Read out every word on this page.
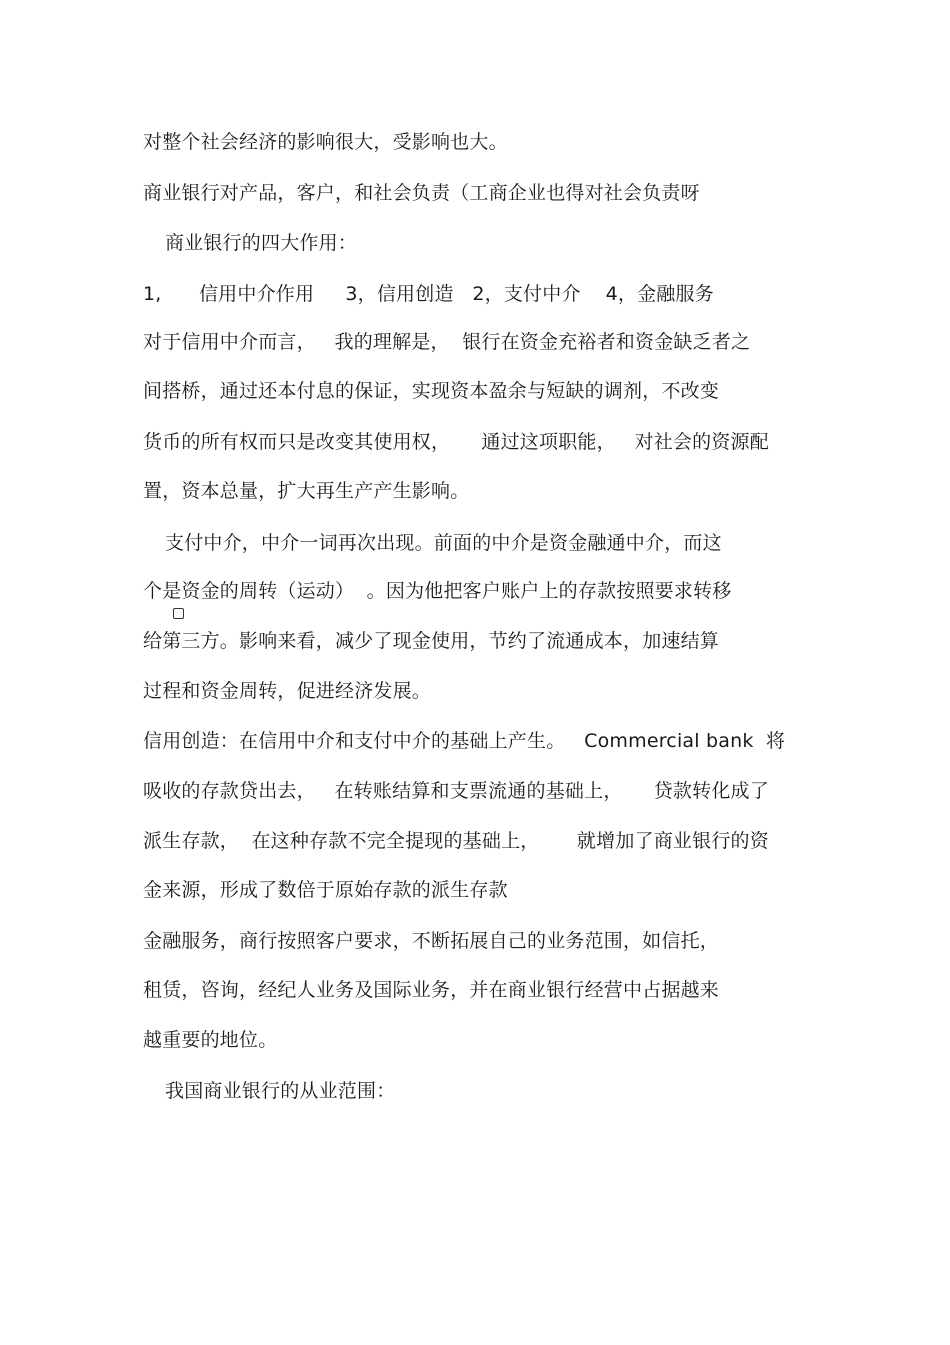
对整个社会经济的影响很大，受影响也大。
商业银行对产品，客户，和社会负责（工商企业也得对社会负责呀
商业银行的四大作用：
1,      信用中介作用     3，信用创造   2，支付中介    4，金融服务
对于信用中介而言，   我的理解是，  银行在资金充裕者和资金缺乏者之
间搭桥，通过还本付息的保证，实现资本盈余与短缺的调剂，不改变
货币的所有权而只是改变其使用权，     通过这项职能，   对社会的资源配
置，资本总量，扩大再生产产生影响。
支付中介，中介一词再次出现。前面的中介是资金融通中介，而这
个是资金的周转（运动）  。因为他把客户账户上的存款按照要求转移
给第三方。影响来看，减少了现金使用，节约了流通成本，加速结算
过程和资金周转，促进经济发展。
信用创造：在信用中介和支付中介的基础上产生。   Commercial bank  将
吸收的存款贷出去，   在转账结算和支票流通的基础上，     贷款转化成了
派生存款，  在这种存款不完全提现的基础上，      就增加了商业银行的资
金来源，形成了数倍于原始存款的派生存款
金融服务，商行按照客户要求，不断拓展自己的业务范围，如信托，
租赁，咨询，经纪人业务及国际业务，并在商业银行经营中占据越来
越重要的地位。
我国商业银行的从业范围：
